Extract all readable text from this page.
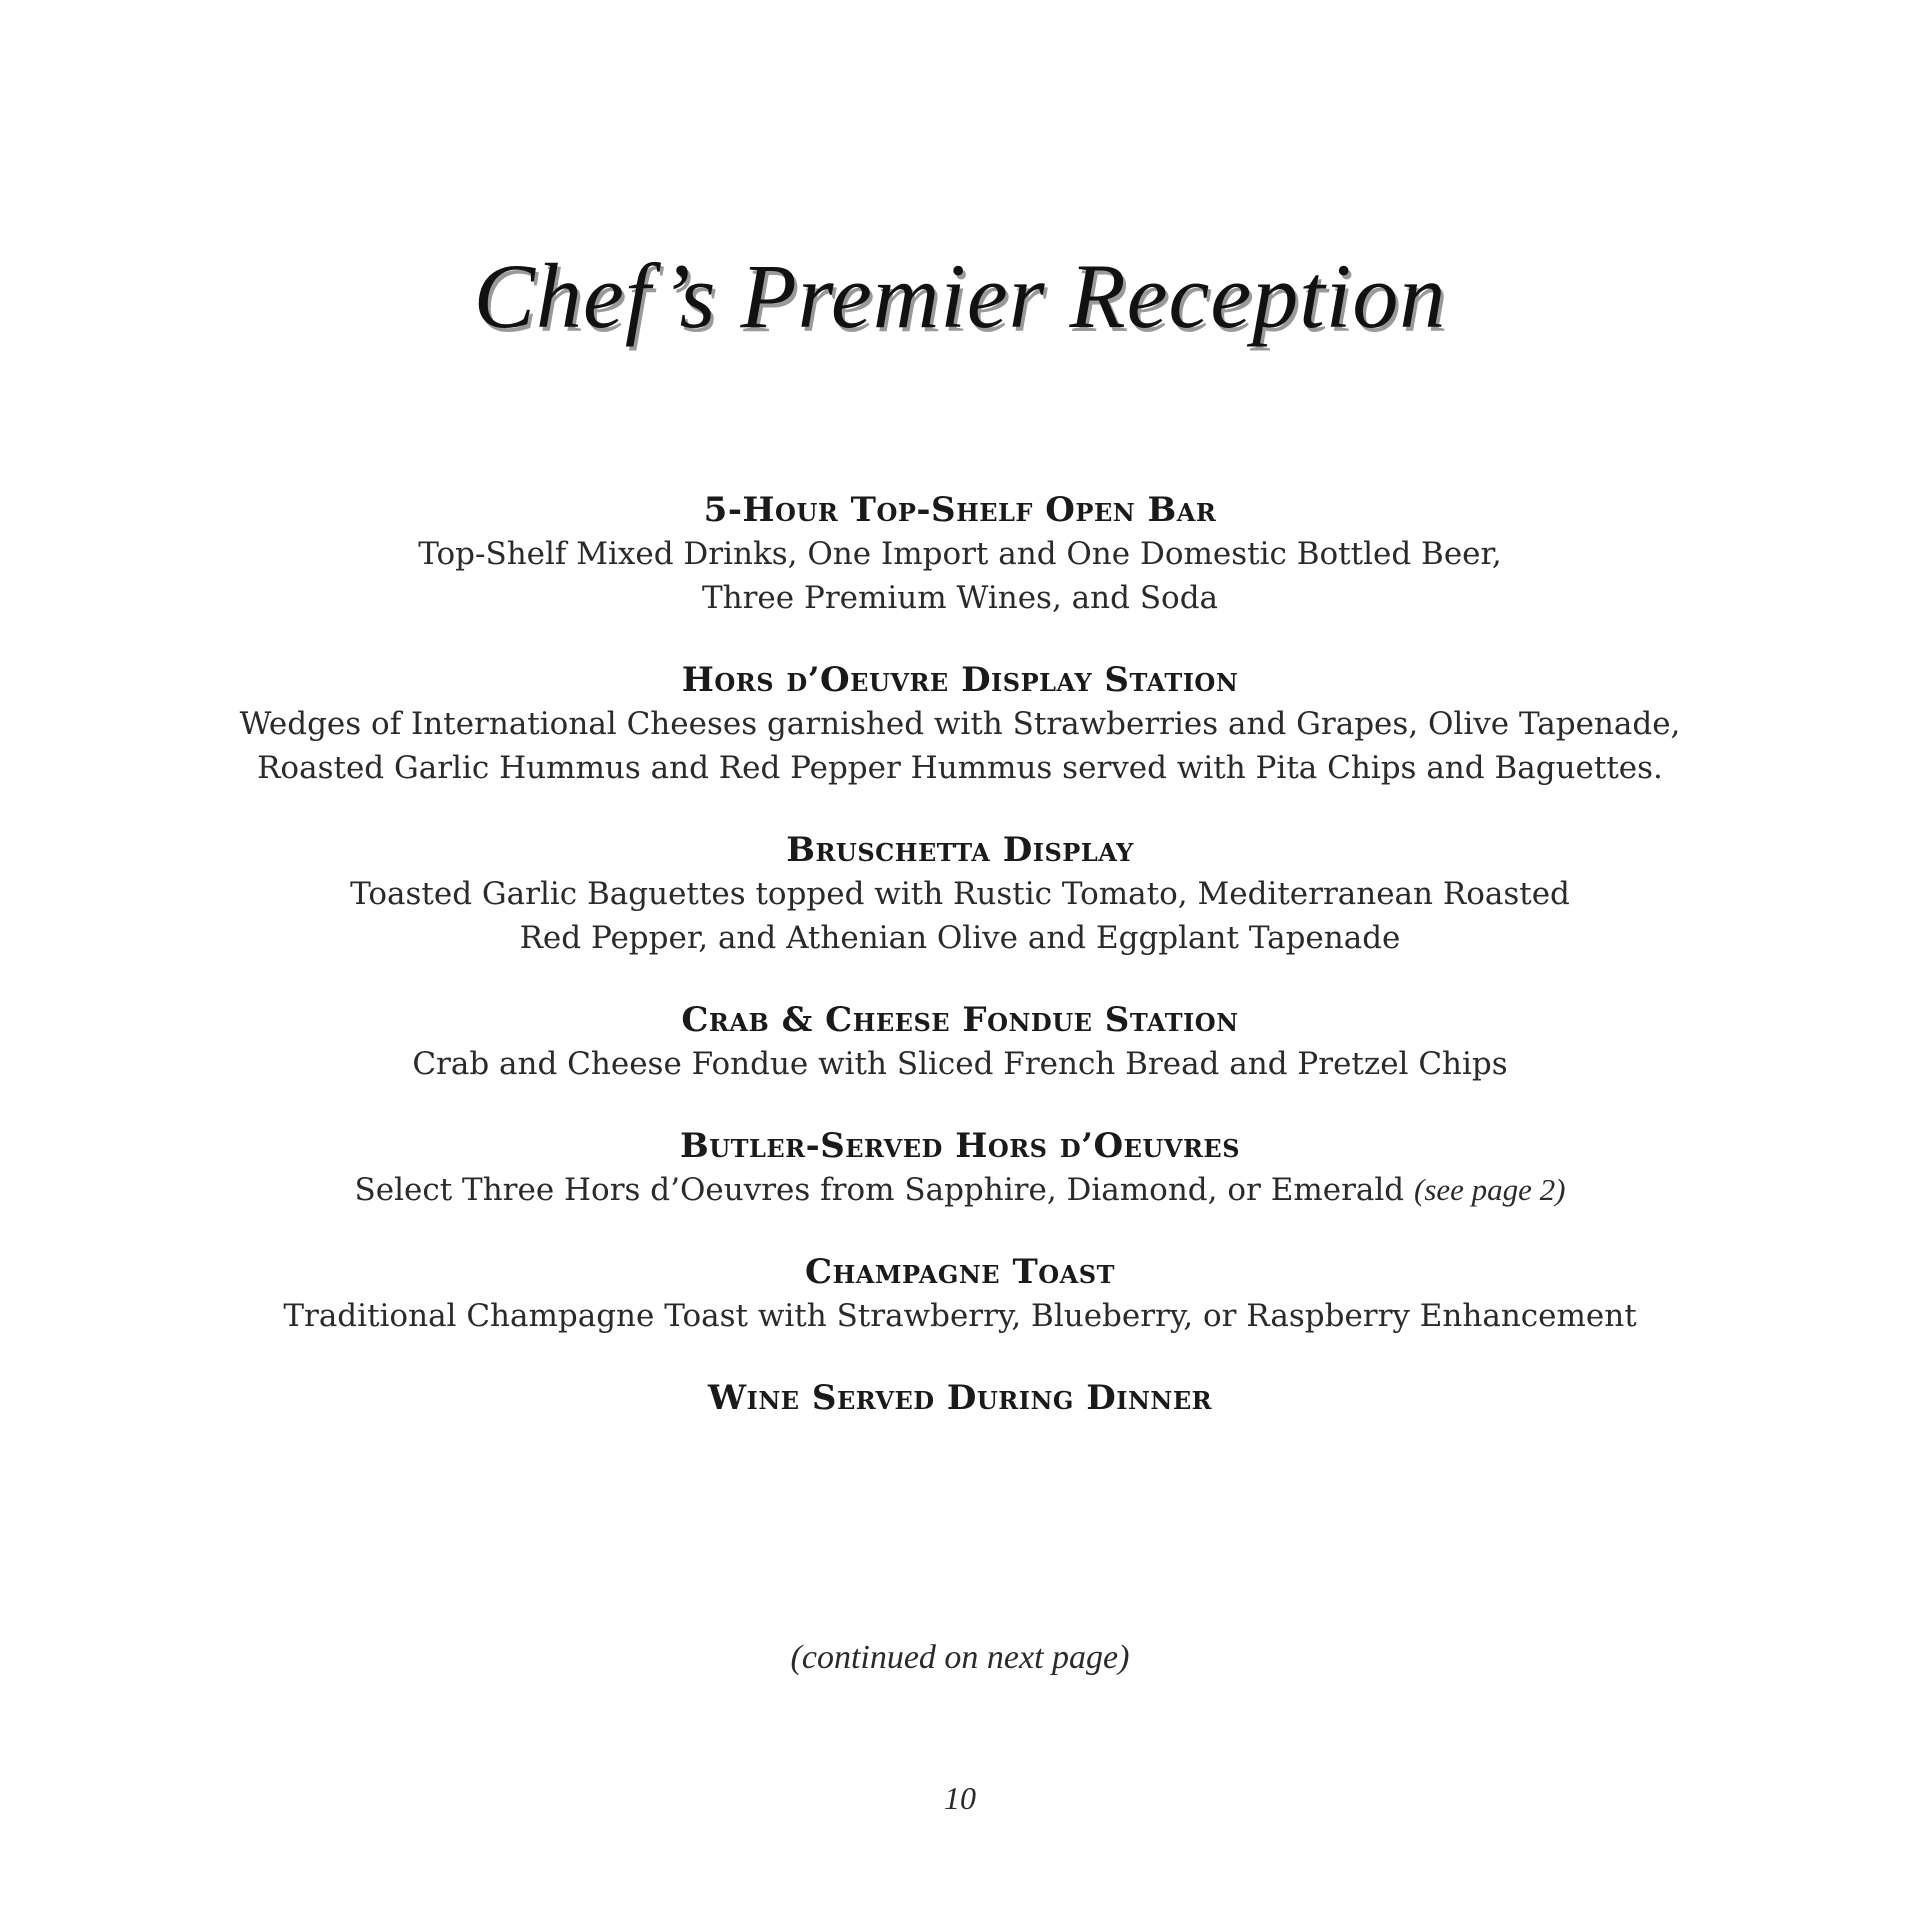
Chef’s Premier Reception
5-Hour Top-Shelf Open Bar
Top-Shelf Mixed Drinks, One Import and One Domestic Bottled Beer,
Three Premium Wines, and Soda
Hors d’Oeuvre Display Station
Wedges of International Cheeses garnished with Strawberries and Grapes, Olive Tapenade,
Roasted Garlic Hummus and Red Pepper Hummus served with Pita Chips and Baguettes.
Bruschetta Display
Toasted Garlic Baguettes topped with Rustic Tomato, Mediterranean Roasted
Red Pepper, and Athenian Olive and Eggplant Tapenade
Crab & Cheese Fondue Station
Crab and Cheese Fondue with Sliced French Bread and Pretzel Chips
Butler-Served Hors d’Oeuvres
Select Three Hors d’Oeuvres from Sapphire, Diamond, or Emerald (see page 2)
Champagne Toast
Traditional Champagne Toast with Strawberry, Blueberry, or Raspberry Enhancement
Wine Served During Dinner
(continued on next page)
10
